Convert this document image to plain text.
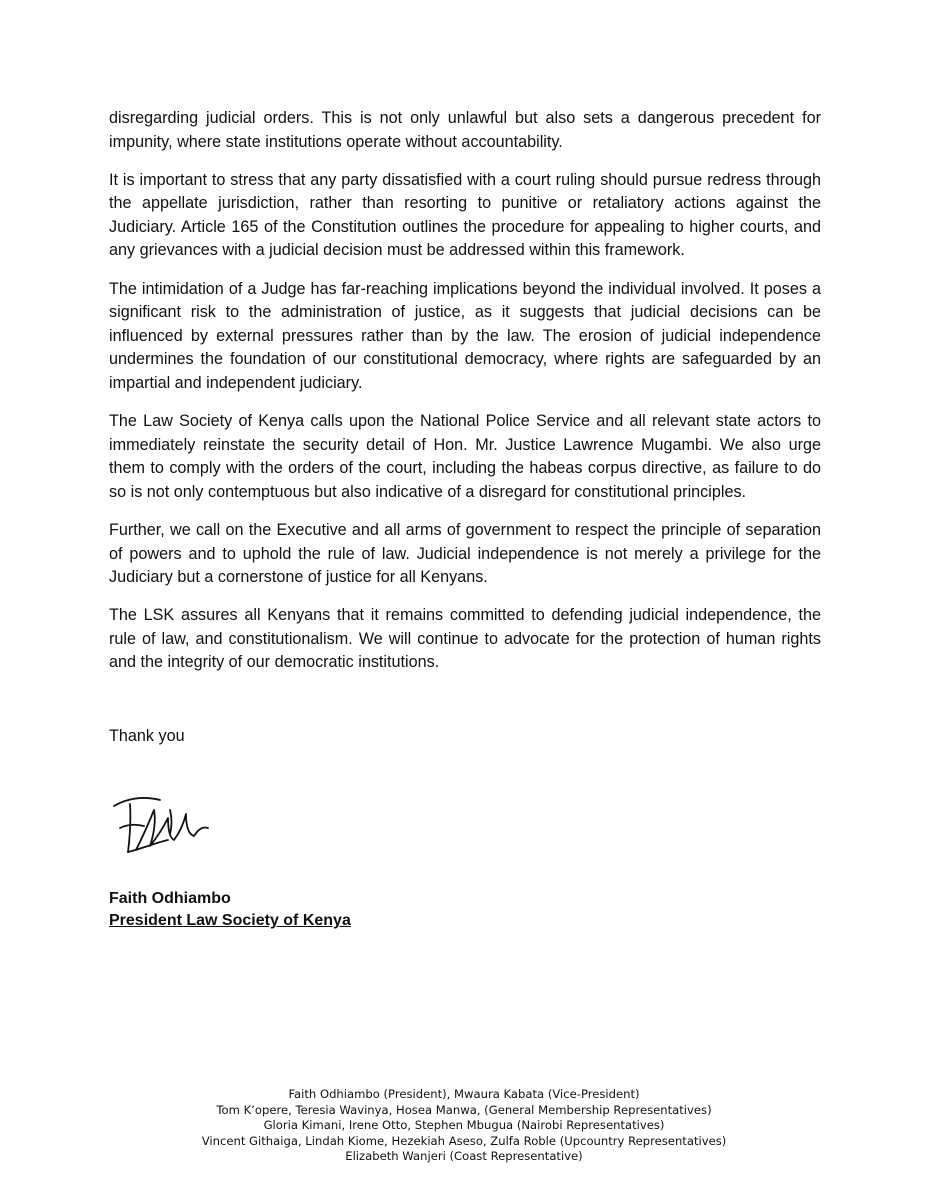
disregarding judicial orders. This is not only unlawful but also sets a dangerous precedent for impunity, where state institutions operate without accountability.

It is important to stress that any party dissatisfied with a court ruling should pursue redress through the appellate jurisdiction, rather than resorting to punitive or retaliatory actions against the Judiciary. Article 165 of the Constitution outlines the procedure for appealing to higher courts, and any grievances with a judicial decision must be addressed within this framework.

The intimidation of a Judge has far-reaching implications beyond the individual involved. It poses a significant risk to the administration of justice, as it suggests that judicial decisions can be influenced by external pressures rather than by the law. The erosion of judicial independence undermines the foundation of our constitutional democracy, where rights are safeguarded by an impartial and independent judiciary.

The Law Society of Kenya calls upon the National Police Service and all relevant state actors to immediately reinstate the security detail of Hon. Mr. Justice Lawrence Mugambi. We also urge them to comply with the orders of the court, including the habeas corpus directive, as failure to do so is not only contemptuous but also indicative of a disregard for constitutional principles.

Further, we call on the Executive and all arms of government to respect the principle of separation of powers and to uphold the rule of law. Judicial independence is not merely a privilege for the Judiciary but a cornerstone of justice for all Kenyans.

The LSK assures all Kenyans that it remains committed to defending judicial independence, the rule of law, and constitutionalism. We will continue to advocate for the protection of human rights and the integrity of our democratic institutions.

Thank you
Faith Odhiambo
President Law Society of Kenya
Faith Odhiambo (President), Mwaura Kabata (Vice-President)
Tom K’opere, Teresia Wavinya, Hosea Manwa, (General Membership Representatives)
Gloria Kimani, Irene Otto, Stephen Mbugua (Nairobi Representatives)
Vincent Githaiga, Lindah Kiome, Hezekiah Aseso, Zulfa Roble (Upcountry Representatives)
Elizabeth Wanjeri (Coast Representative)
